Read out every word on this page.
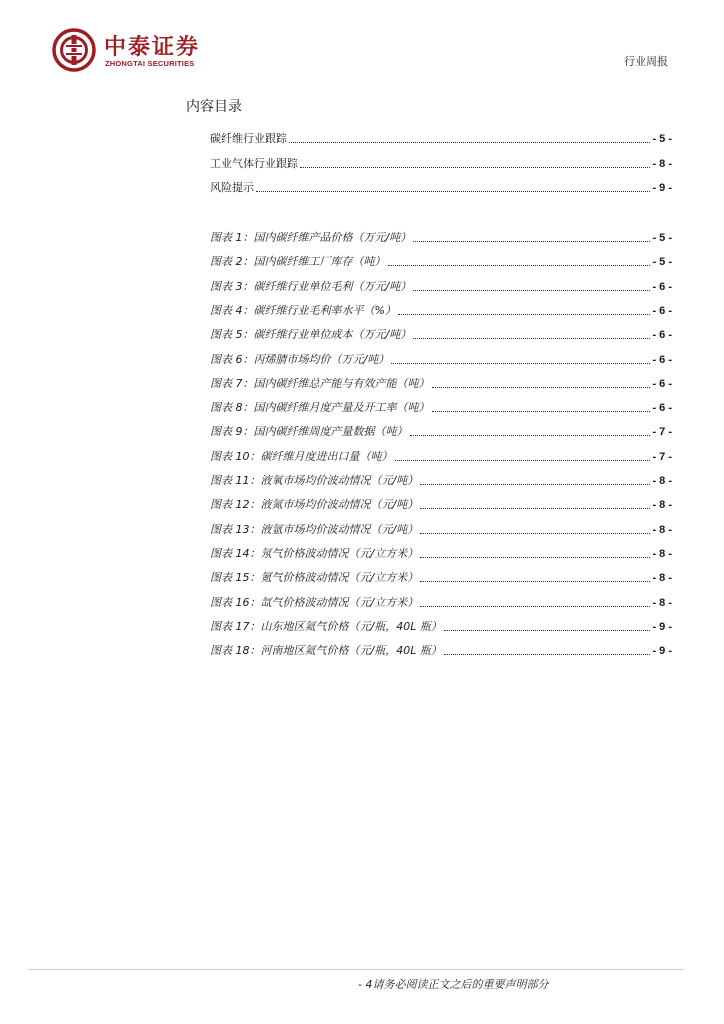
中泰证券
ZHONGTAI SECURITIES	行业周报
内容目录
碳纤维行业跟踪	- 5 -
工业气体行业跟踪	- 8 -
风险提示	- 9 -
图表 1：国内碳纤维产品价格（万元/吨）	- 5 -
图表 2：国内碳纤维工厂库存（吨）	- 5 -
图表 3：碳纤维行业单位毛利（万元/吨）	- 6 -
图表 4：碳纤维行业毛利率水平（%）	- 6 -
图表 5：碳纤维行业单位成本（万元/吨）	- 6 -
图表 6：丙烯腈市场均价（万元/吨）	- 6 -
图表 7：国内碳纤维总产能与有效产能（吨）	- 6 -
图表 8：国内碳纤维月度产量及开工率（吨）	- 6 -
图表 9：国内碳纤维周度产量数据（吨）	- 7 -
图表 10：碳纤维月度进出口量（吨）	- 7 -
图表 11：液氧市场均价波动情况（元/吨）	- 8 -
图表 12：液氮市场均价波动情况（元/吨）	- 8 -
图表 13：液氩市场均价波动情况（元/吨）	- 8 -
图表 14：氖气价格波动情况（元/立方米）	- 8 -
图表 15：氪气价格波动情况（元/立方米）	- 8 -
图表 16：氙气价格波动情况（元/立方米）	- 8 -
图表 17：山东地区氦气价格（元/瓶，40L 瓶）	- 9 -
图表 18：河南地区氦气价格（元/瓶，40L 瓶）	- 9 -
- 4请务必阅读正文之后的重要声明部分
